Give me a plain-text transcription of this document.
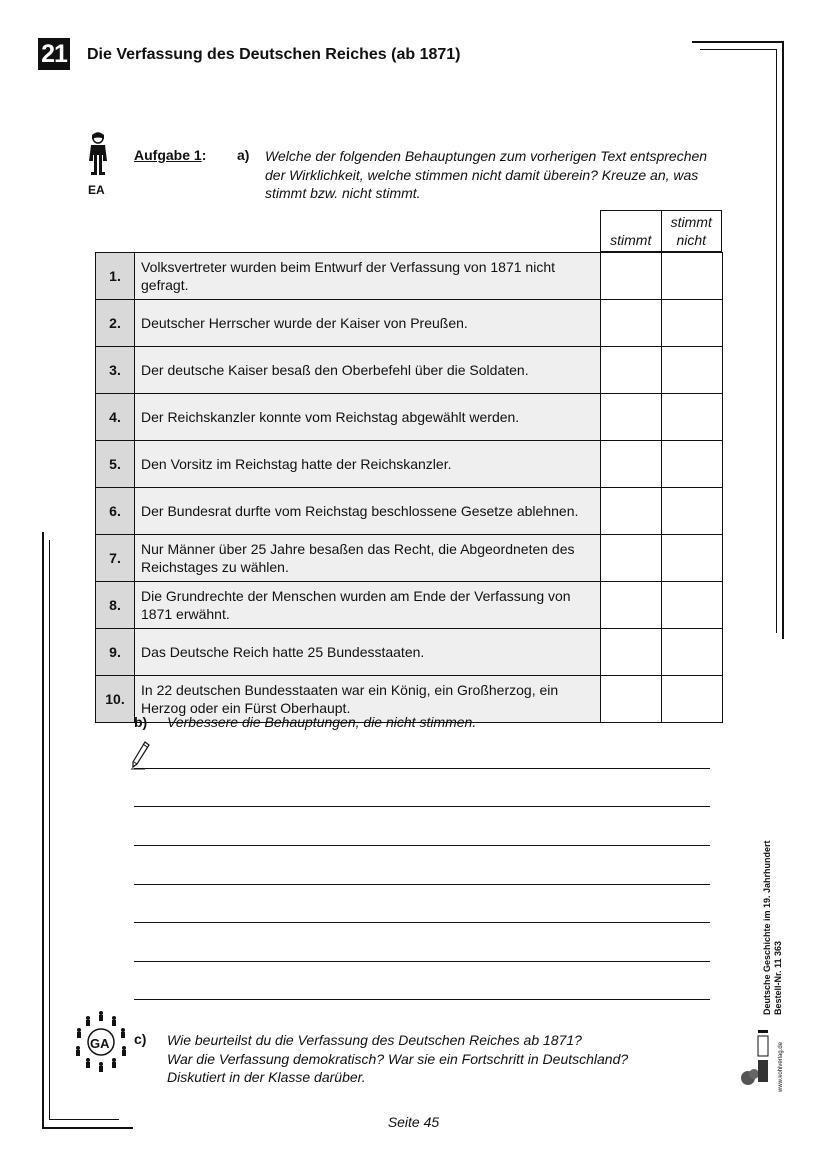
21 Die Verfassung des Deutschen Reiches (ab 1871)
EA
Aufgabe 1: a) Welche der folgenden Behauptungen zum vorherigen Text entsprechen der Wirklichkeit, welche stimmen nicht damit überein? Kreuze an, was stimmt bzw. nicht stimmt.
stimmt	stimmt nicht
1.	Volksvertreter wurden beim Entwurf der Verfassung von 1871 nicht gefragt.		
2.	Deutscher Herrscher wurde der Kaiser von Preußen.		
3.	Der deutsche Kaiser besaß den Oberbefehl über die Soldaten.		
4.	Der Reichskanzler konnte vom Reichstag abgewählt werden.		
5.	Den Vorsitz im Reichstag hatte der Reichskanzler.		
6.	Der Bundesrat durfte vom Reichstag beschlossene Gesetze ablehnen.		
7.	Nur Männer über 25 Jahre besaßen das Recht, die Abgeordneten des Reichstages zu wählen.		
8.	Die Grundrechte der Menschen wurden am Ende der Verfassung von 1871 erwähnt.		
9.	Das Deutsche Reich hatte 25 Bundesstaaten.		
10.	In 22 deutschen Bundesstaaten war ein König, ein Großherzog, ein Herzog oder ein Fürst Oberhaupt.		
b) Verbessere die Behauptungen, die nicht stimmen.
GA c) Wie beurteilst du die Verfassung des Deutschen Reiches ab 1871?
War die Verfassung demokratisch? War sie ein Fortschritt in Deutschland?
Diskutiert in der Klasse darüber.
Seite 45
Deutsche Geschichte im 19. Jahrhundert Bestell-Nr. 11 363
www.kohlverlag.de
